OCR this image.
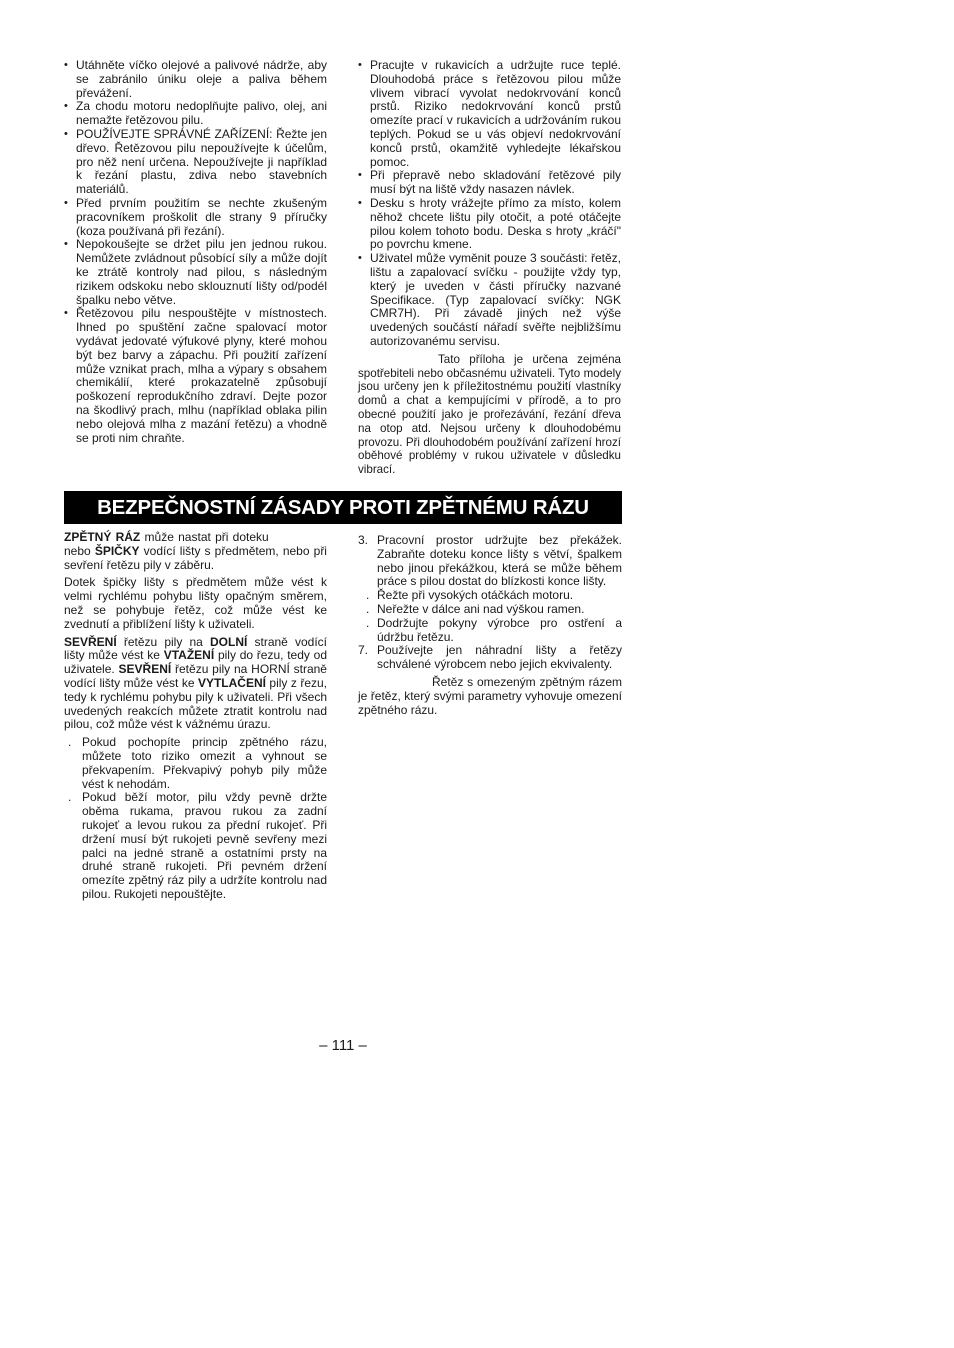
• Utáhněte víčko olejové a palivové nádrže, aby se zabránilo úniku oleje a paliva během převážení.
• Za chodu motoru nedoplňujte palivo, olej, ani nemažte řetězovou pilu.
• POUŽÍVEJTE SPRÁVNÉ ZAŘÍZENÍ: Řežte jen dřevo. Řetězovou pilu nepoužívejte k účelům, pro něž není určena. Nepoužívejte ji například k řezání plastu, zdiva nebo stavebních materiálů.
• Před prvním použitím se nechte zkušeným pracovníkem proškolit dle strany 9 příručky (koza používaná při řezání).
• Nepokoušejte se držet pilu jen jednou rukou. Nemůžete zvládnout působící síly a může dojít ke ztrátě kontroly nad pilou, s následným rizikem odskoku nebo sklouznutí lišty od/podél špalku nebo větve.
• Řetězovou pilu nespouštějte v místnostech. Ihned po spuštění začne spalovací motor vydávat jedovaté výfukové plyny, které mohou být bez barvy a zápachu. Při použití zařízení může vznikat prach, mlha a výpary s obsahem chemikálií, které prokazatelně způsobují poškození reprodukčního zdraví. Dejte pozor na škodlivý prach, mlhu (například oblaka pilin nebo olejová mlha z mazání řetězu) a vhodně se proti nim chraňte.
• Pracujte v rukavicích a udržujte ruce teplé. Dlouhodobá práce s řetězovou pilou může vlivem vibrací vyvolat nedokrvování konců prstů. Riziko nedokrvování konců prstů omezíte prací v rukavicích a udržováním rukou teplých. Pokud se u vás objeví nedokrvování konců prstů, okamžitě vyhledejte lékařskou pomoc.
• Při přepravě nebo skladování řetězové pily musí být na liště vždy nasazen návlek.
• Desku s hroty vrážejte přímo za místo, kolem něhož chcete lištu pily otočit, a poté otáčejte pilou kolem tohoto bodu. Deska s hroty „kráčí" po povrchu kmene.
• Uživatel může vyměnit pouze 3 součásti: řetěz, lištu a zapalovací svíčku - použijte vždy typ, který je uveden v části příručky nazvané Specifikace. (Typ zapalovací svíčky: NGK CMR7H). Při závadě jiných než výše uvedených součástí nářadí svěřte nejbližšímu autorizovanému servisu.

Tato příloha je určena zejména spotřebiteli nebo občasnému uživateli. Tyto modely jsou určeny jen k příležitostnému použití vlastníky domů a chat a kempujícími v přírodě, a to pro obecné použití jako je prořezávání, řezání dřeva na otop atd. Nejsou určeny k dlouhodobému provozu. Při dlouhodobém používání zařízení hrozí oběhové problémy v rukou uživatele v důsledku vibrací.

BEZPEČNOSTNÍ ZÁSADY PROTI ZPĚTNÉMU RÁZU

ZPĚTNÝ RÁZ může nastat při doteku  nebo ŠPIČKY vodící lišty s předmětem, nebo při sevření řetězu pily v záběru.

Dotek špičky lišty s předmětem může vést k velmi rychlému pohybu lišty opačným směrem, než se pohybuje řetěz, což může vést ke zvednutí a přiblížení lišty k uživateli.

SEVŘENÍ řetězu pily na DOLNÍ straně vodící lišty může vést ke VTAŽENÍ pily do řezu, tedy od uživatele. SEVŘENÍ řetězu pily na HORNÍ straně vodící lišty může vést ke VYTLAČENÍ pily z řezu, tedy k rychlému pohybu pily k uživateli. Při všech uvedených reakcích můžete ztratit kontrolu nad pilou, což může vést k vážnému úrazu.

. Pokud pochopíte princip zpětného rázu, můžete toto riziko omezit a vyhnout se překvapením. Překvapivý pohyb pily může vést k nehodám.
. Pokud běží motor, pilu vždy pevně držte oběma rukama, pravou rukou za zadní rukojeť a levou rukou za přední rukojeť. Při držení musí být rukojeti pevně sevřeny mezi palci na jedné straně a ostatními prsty na druhé straně rukojeti. Při pevném držení omezíte zpětný ráz pily a udržíte kontrolu nad pilou. Rukojeti nepouštějte.
3. Pracovní prostor udržujte bez překážek. Zabraňte doteku konce lišty s větví, špalkem nebo jinou překážkou, která se může během práce s pilou dostat do blízkosti konce lišty.
. Řežte při vysokých otáčkách motoru.
. Neřežte v dálce ani nad výškou ramen.
. Dodržujte pokyny výrobce pro ostření a údržbu řetězu.
7. Používejte jen náhradní lišty a řetězy schválené výrobcem nebo jejich ekvivalenty.

Řetěz s omezeným zpětným rázem je řetěz, který svými parametry vyhovuje omezení zpětného rázu.

– 111 –
